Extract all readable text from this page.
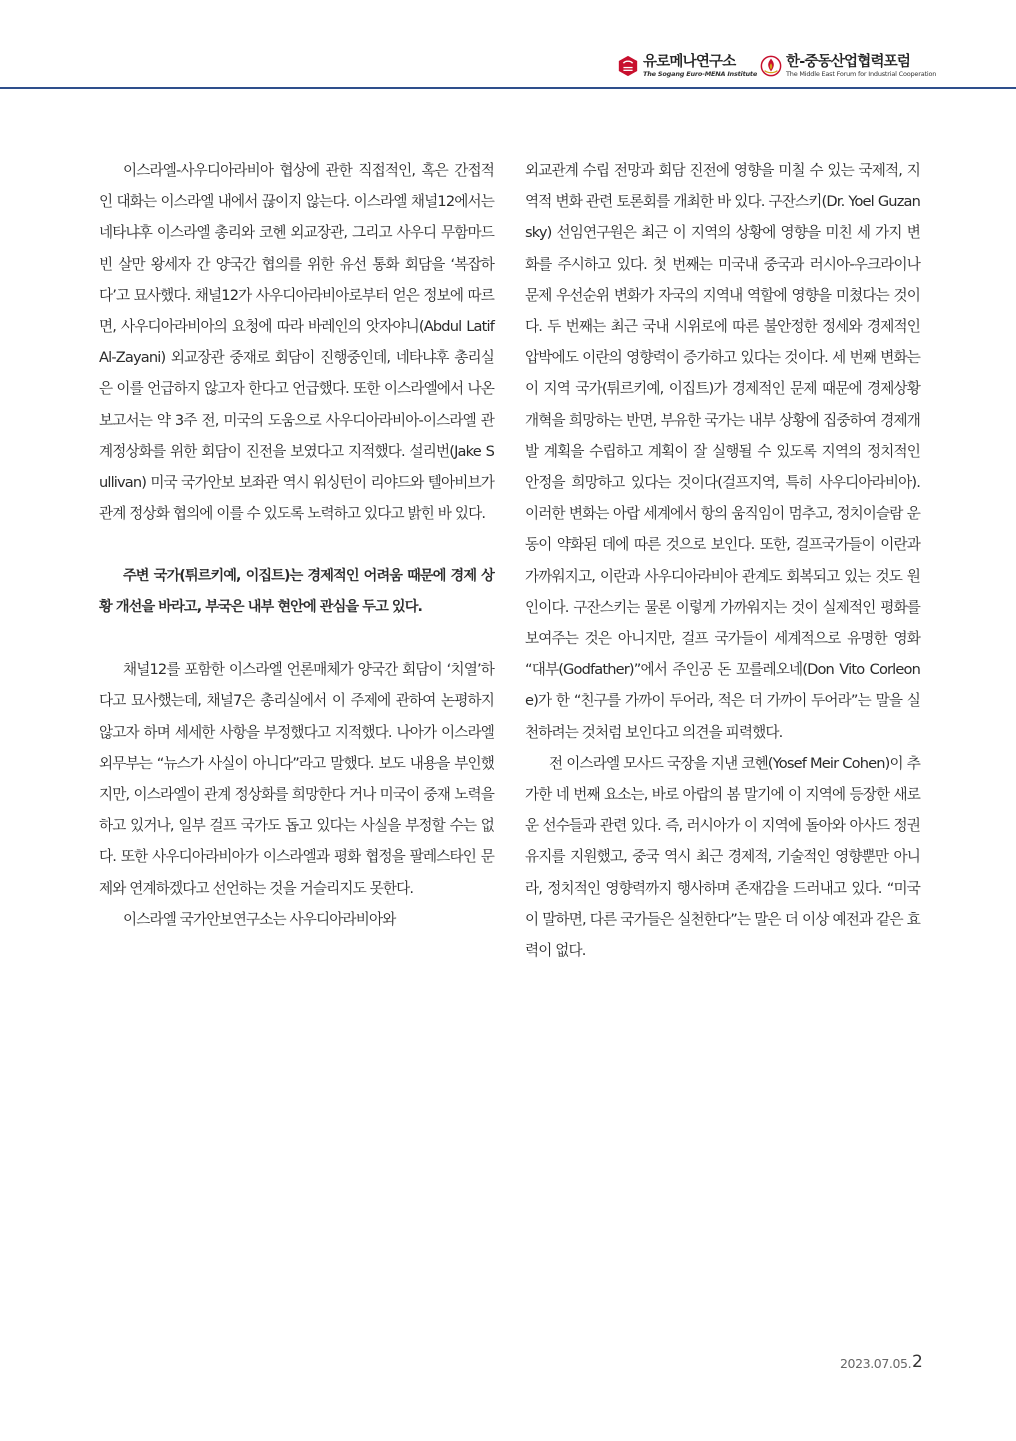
유로메나연구소
The Sogang Euro-MENA Institute
한-중동산업협력포럼
The Middle East Forum for Industrial Cooperation

이스라엘-사우디아라비아 협상에 관한 직접적인, 혹은 간접적인 대화는 이스라엘 내에서 끊이지 않는다. 이스라엘 채널12에서는 네타냐후 이스라엘 총리와 코헨 외교장관, 그리고 사우디 무함마드 빈 살만 왕세자 간 양국간 협의를 위한 유선 통화 회담을 ‘복잡하다’고 묘사했다. 채널12가 사우디아라비아로부터 얻은 정보에 따르면, 사우디아라비아의 요청에 따라 바레인의 앗자야니(Abdul Latif Al-Zayani) 외교장관 중재로 회담이 진행중인데, 네타냐후 총리실은 이를 언급하지 않고자 한다고 언급했다. 또한 이스라엘에서 나온 보고서는 약 3주 전, 미국의 도움으로 사우디아라비아-이스라엘 관계정상화를 위한 회담이 진전을 보였다고 지적했다. 설리번(Jake Sullivan) 미국 국가안보 보좌관 역시 워싱턴이 리야드와 텔아비브가 관계 정상화 협의에 이를 수 있도록 노력하고 있다고 밝힌 바 있다.

주변 국가(튀르키예, 이집트)는 경제적인 어려움 때문에 경제 상황 개선을 바라고, 부국은 내부 현안에 관심을 두고 있다.

채널12를 포함한 이스라엘 언론매체가 양국간 회담이 ‘치열’하다고 묘사했는데, 채널7은 총리실에서 이 주제에 관하여 논평하지 않고자 하며 세세한 사항을 부정했다고 지적했다. 나아가 이스라엘 외무부는 “뉴스가 사실이 아니다”라고 말했다. 보도 내용을 부인했지만, 이스라엘이 관계 정상화를 희망한다 거나 미국이 중재 노력을 하고 있거나, 일부 걸프 국가도 돕고 있다는 사실을 부정할 수는 없다. 또한 사우디아라비아가 이스라엘과 평화 협정을 팔레스타인 문제와 연계하겠다고 선언하는 것을 거슬리지도 못한다.

이스라엘 국가안보연구소는 사우디아라비아와

외교관계 수립 전망과 회담 진전에 영향을 미칠 수 있는 국제적, 지역적 변화 관련 토론회를 개최한 바 있다. 구잔스키(Dr. Yoel Guzansky) 선임연구원은 최근 이 지역의 상황에 영향을 미친 세 가지 변화를 주시하고 있다. 첫 번째는 미국내 중국과 러시아-우크라이나 문제 우선순위 변화가 자국의 지역내 역할에 영향을 미쳤다는 것이다. 두 번째는 최근 국내 시위로에 따른 불안정한 정세와 경제적인 압박에도 이란의 영향력이 증가하고 있다는 것이다. 세 번째 변화는 이 지역 국가(튀르키예, 이집트)가 경제적인 문제 때문에 경제상황 개혁을 희망하는 반면, 부유한 국가는 내부 상황에 집중하여 경제개발 계획을 수립하고 계획이 잘 실행될 수 있도록 지역의 정치적인 안정을 희망하고 있다는 것이다(걸프지역, 특히 사우디아라비아). 이러한 변화는 아랍 세계에서 항의 움직임이 멈추고, 정치이슬람 운동이 약화된 데에 따른 것으로 보인다. 또한, 걸프국가들이 이란과 가까워지고, 이란과 사우디아라비아 관계도 회복되고 있는 것도 원인이다. 구잔스키는 물론 이렇게 가까워지는 것이 실제적인 평화를 보여주는 것은 아니지만, 걸프 국가들이 세계적으로 유명한 영화 “대부(Godfather)”에서 주인공 돈 꼬를레오네(Don Vito Corleone)가 한 “친구를 가까이 두어라, 적은 더 가까이 두어라”는 말을 실천하려는 것처럼 보인다고 의견을 피력했다.

전 이스라엘 모사드 국장을 지낸 코헨(Yosef Meir Cohen)이 추가한 네 번째 요소는, 바로 아랍의 봄 말기에 이 지역에 등장한 새로운 선수들과 관련 있다. 즉, 러시아가 이 지역에 돌아와 아사드 정권 유지를 지원했고, 중국 역시 최근 경제적, 기술적인 영향뿐만 아니라, 정치적인 영향력까지 행사하며 존재감을 드러내고 있다. “미국이 말하면, 다른 국가들은 실천한다”는 말은 더 이상 예전과 같은 효력이 없다.

2023.07.05. 2
